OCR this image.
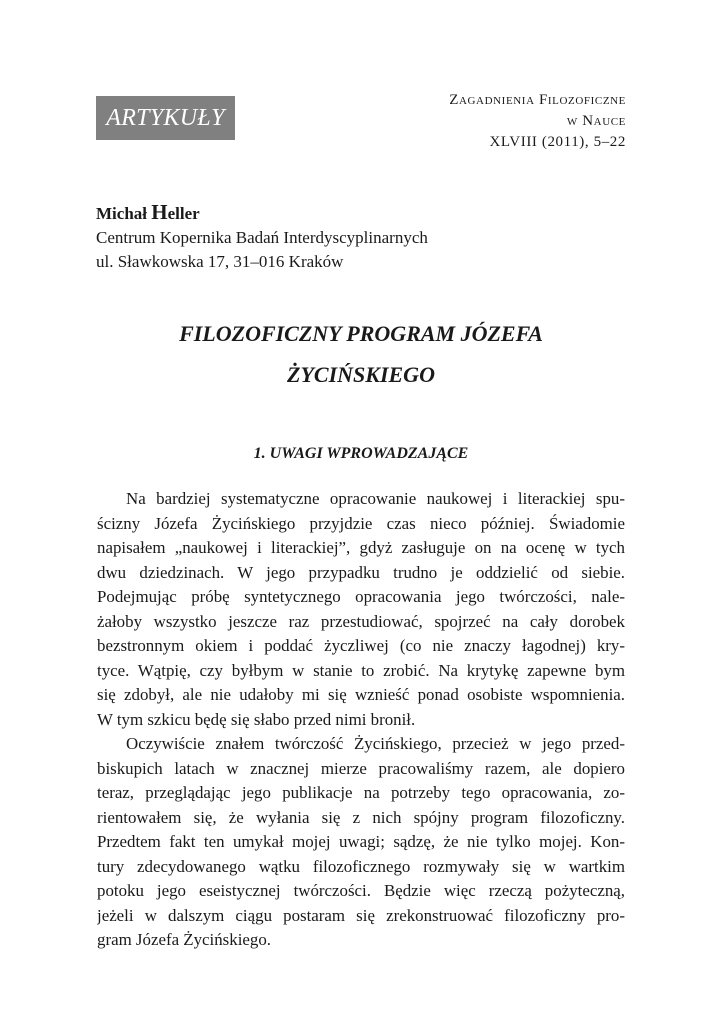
ARTYKUŁY
Zagadnienia Filozoficzne
w Nauce
XLVIII (2011), 5–22
Michał Heller
Centrum Kopernika Badań Interdyscyplinarnych
ul. Sławkowska 17, 31–016 Kraków
FILOZOFICZNY PROGRAM JÓZEFA
ŻYCIŃSKIEGO
1. UWAGI WPROWADZAJĄCE
Na bardziej systematyczne opracowanie naukowej i literackiej spu-
ścizny Józefa Życińskiego przyjdzie czas nieco później. Świadomie
napisałem „naukowej i literackiej”, gdyż zasługuje on na ocenę w tych
dwu dziedzinach. W jego przypadku trudno je oddzielić od siebie.
Podejmując próbę syntetycznego opracowania jego twórczości, nale-
żałoby wszystko jeszcze raz przestudiować, spojrzeć na cały dorobek
bezstronnym okiem i poddać życzliwej (co nie znaczy łagodnej) kry-
tyce. Wątpię, czy byłbym w stanie to zrobić. Na krytykę zapewne bym
się zdobył, ale nie udałoby mi się wznieść ponad osobiste wspomnienia.
W tym szkicu będę się słabo przed nimi bronił.
Oczywiście znałem twórczość Życińskiego, przecież w jego przed-
biskupich latach w znacznej mierze pracowaliśmy razem, ale dopiero
teraz, przeglądając jego publikacje na potrzeby tego opracowania, zo-
rientowałem się, że wyłania się z nich spójny program filozoficzny.
Przedtem fakt ten umykał mojej uwagi; sądzę, że nie tylko mojej. Kon-
tury zdecydowanego wątku filozoficznego rozmywały się w wartkim
potoku jego eseistycznej twórczości. Będzie więc rzeczą pożyteczną,
jeżeli w dalszym ciągu postaram się zrekonstruować filozoficzny pro-
gram Józefa Życińskiego.
